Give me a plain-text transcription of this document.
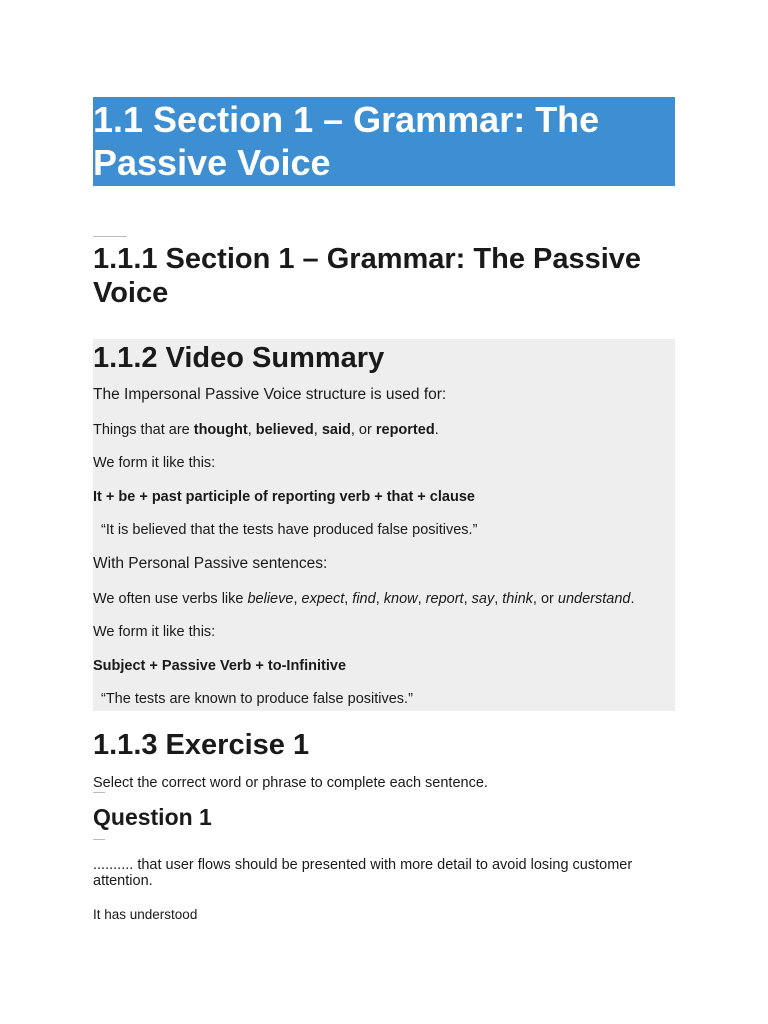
1.1 Section 1 – Grammar: The Passive Voice
1.1.1 Section 1 – Grammar: The Passive Voice
1.1.2 Video Summary

The Impersonal Passive Voice structure is used for:

Things that are thought, believed, said, or reported.

We form it like this:

It + be + past participle of reporting verb + that + clause

“It is believed that the tests have produced false positives.”

With Personal Passive sentences:

We often use verbs like believe, expect, find, know, report, say, think, or understand.

We form it like this:

Subject + Passive Verb + to-Infinitive

“The tests are known to produce false positives.”

1.1.3 Exercise 1

Select the correct word or phrase to complete each sentence.

Question 1

.......... that user flows should be presented with more detail to avoid losing customer attention.

It has understood
